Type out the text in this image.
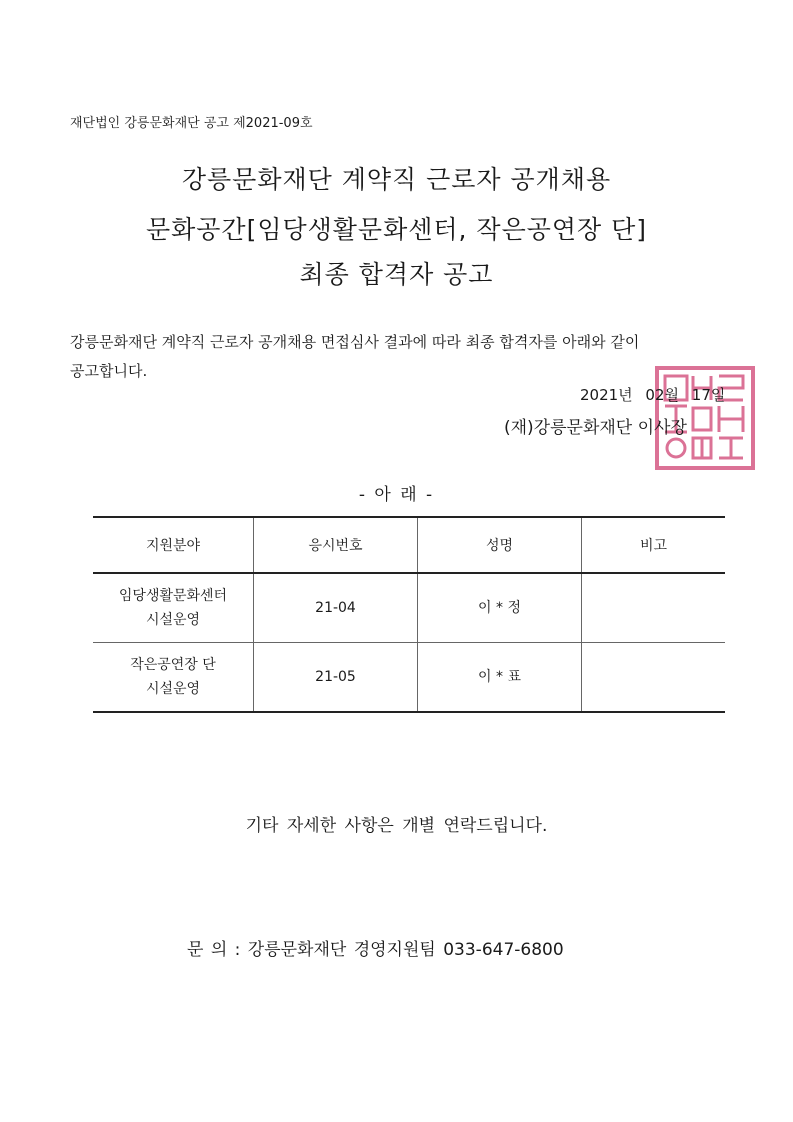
재단법인 강릉문화재단 공고 제2021-09호
강릉문화재단 계약직 근로자 공개채용
문화공간[임당생활문화센터, 작은공연장 단]
최종 합격자 공고
강릉문화재단 계약직 근로자 공개채용 면접심사 결과에 따라 최종 합격자를 아래와 같이
공고합니다.
2021년 02월 17일
(재)강릉문화재단 이사장
- 아 래 -
지원분야	응시번호	성명	비고

임당생활문화센터
시설운영	21-04	이 * 정	

작은공연장 단
시설운영	21-05	이 * 표	
기타 자세한 사항은 개별 연락드립니다.
문 의 : 강릉문화재단 경영지원팀 033-647-6800
